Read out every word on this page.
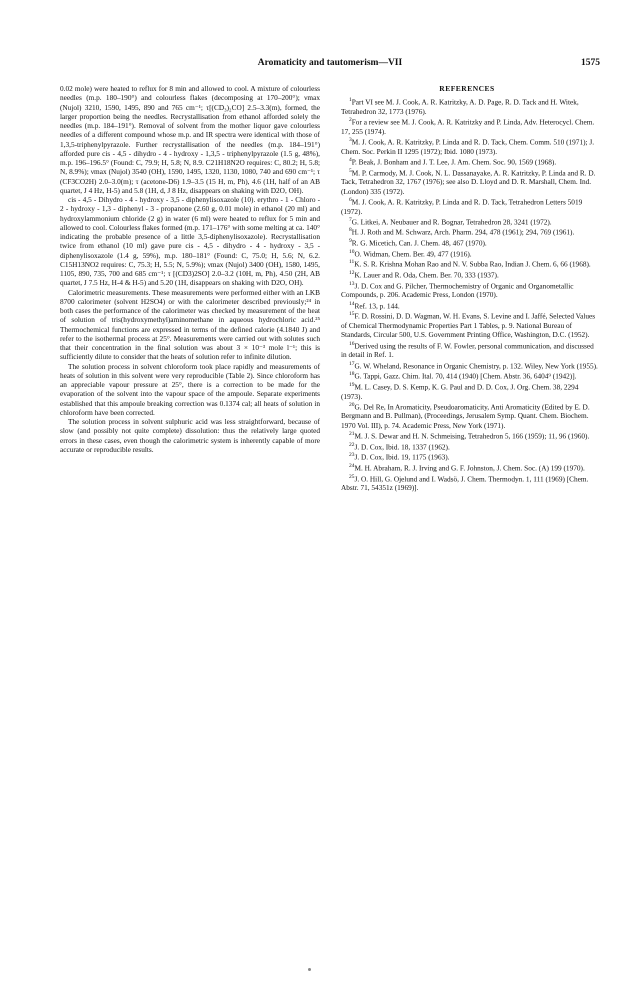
Aromaticity and tautomerism—VII	1575

0.02 mole) were heated to reflux for 8 min and allowed to cool. A mixture of colourless needles (m.p. 180–190°) and colourless flakes (decomposing at 170–200°); νmax (Nujol) 3210, 1590, 1495, 890 and 765 cm⁻¹; τ[(CD₃)₂CO] 2.5–3.3(m), formed, the larger proportion being the needles. Recrystallisation from ethanol afforded solely the needles (m.p. 184–191°). Removal of solvent from the mother liquor gave colourless needles of a different compound whose m.p. and IR spectra were identical with those of 1,3,5-triphenylpyrazole. Further recrystallisation of the needles (m.p. 184–191°) afforded pure cis - 4,5 - dihydro - 4 - hydroxy - 1,3,5 - triphenylpyrazole (1.5 g, 48%), m.p. 196–196.5° (Found: C, 79.9; H, 5.8; N, 8.9. C21H18N2O requires: C, 80.2; H, 5.8; N, 8.9%); νmax (Nujol) 3540 (OH), 1590, 1495, 1320, 1130, 1080, 740 and 690 cm⁻¹; τ (CF3CO2H) 2.0–3.0(m); τ (acetone-D6) 1.9–3.5 (15 H, m, Ph), 4.6 (1H, half of an AB quartet, J 4 Hz, H-5) and 5.8 (1H, d, J 8 Hz, disappears on shaking with D2O, OH).

cis - 4,5 - Dihydro - 4 - hydroxy - 3,5 - diphenylisoxazole (10). erythro - 1 - Chloro - 2 - hydroxy - 1,3 - diphenyl - 3 - propanone (2.60 g, 0.01 mole) in ethanol (20 ml) and hydroxylammonium chloride (2 g) in water (6 ml) were heated to reflux for 5 min and allowed to cool. Colourless flakes formed (m.p. 171–176° with some melting at ca. 140° indicating the probable presence of a little 3,5-diphenylisoxazole). Recrystallisation twice from ethanol (10 ml) gave pure cis - 4,5 - dihydro - 4 - hydroxy - 3,5 - diphenylisoxazole (1.4 g, 59%), m.p. 180–181° (Found: C, 75.0; H, 5.6; N, 6.2. C15H13NO2 requires: C, 75.3; H, 5.5; N, 5.9%); νmax (Nujol) 3400 (OH), 1580, 1495, 1105, 890, 735, 700 and 685 cm⁻¹; τ [(CD3)2SO] 2.0–3.2 (10H, m, Ph), 4.50 (2H, AB quartet, J 7.5 Hz, H-4 & H-5) and 5.20 (1H, disappears on shaking with D2O, OH).

Calorimetric measurements. These measurements were performed either with an LKB 8700 calorimeter (solvent H2SO4) or with the calorimeter described previously;²⁴ in both cases the performance of the calorimeter was checked by measurement of the heat of solution of tris(hydroxymethyl)aminomethane in aqueous hydrochloric acid.²⁵ Thermochemical functions are expressed in terms of the defined calorie (4.1840 J) and refer to the isothermal process at 25°. Measurements were carried out with solutes such that their concentration in the final solution was about 3 × 10⁻³ mole l⁻¹; this is sufficiently dilute to consider that the heats of solution refer to infinite dilution.

The solution process in solvent chloroform took place rapidly and measurements of heats of solution in this solvent were very reproducible (Table 2). Since chloroform has an appreciable vapour pressure at 25°, there is a correction to be made for the evaporation of the solvent into the vapour space of the ampoule. Separate experiments established that this ampoule breaking correction was 0.1374 cal; all heats of solution in chloroform have been corrected.

The solution process in solvent sulphuric acid was less straightforward, because of slow (and possibly not quite complete) dissolution: thus the relatively large quoted errors in these cases, even though the calorimetric system is inherently capable of more accurate or reproducible results.

REFERENCES

$^1$Part VI see M. J. Cook, A. R. Katritzky, A. D. Page, R. D. Tack and H. Witek, Tetrahedron 32, 1773 (1976).

$^2$For a review see M. J. Cook, A. R. Katritzky and P. Linda, Adv. Heterocycl. Chem. 17, 255 (1974).

$^3$M. J. Cook, A. R. Katritzky, P. Linda and R. D. Tack, Chem. Comm. 510 (1971); J. Chem. Soc. Perkin II 1295 (1972); Ibid. 1080 (1973).

$^4$P. Beak, J. Bonham and J. T. Lee, J. Am. Chem. Soc. 90, 1569 (1968).

$^5$M. P. Carmody, M. J. Cook, N. L. Dassanayake, A. R. Katritzky, P. Linda and R. D. Tack, Tetrahedron 32, 1767 (1976); see also D. Lloyd and D. R. Marshall, Chem. Ind. (London) 335 (1972).

$^6$M. J. Cook, A. R. Katritzky, P. Linda and R. D. Tack, Tetrahedron Letters 5019 (1972).

$^7$G. Litkei, A. Neubauer and R. Bognar, Tetrahedron 28, 3241 (1972).

$^8$H. J. Roth and M. Schwarz, Arch. Pharm. 294, 478 (1961); 294, 769 (1961).

$^9$R. G. Micetich, Can. J. Chem. 48, 467 (1970).

$^{10}$O. Widman, Chem. Ber. 49, 477 (1916).

$^{11}$K. S. R. Krishna Mohan Rao and N. V. Subba Rao, Indian J. Chem. 6, 66 (1968).

$^{12}$K. Lauer and R. Oda, Chem. Ber. 70, 333 (1937).

$^{13}$J. D. Cox and G. Pilcher, Thermochemistry of Organic and Organometallic Compounds, p. 206. Academic Press, London (1970).

$^{14}$Ref. 13, p. 144.

$^{15}$F. D. Rossini, D. D. Wagman, W. H. Evans, S. Levine and I. Jaffé, Selected Values of Chemical Thermodynamic Properties Part 1 Tables, p. 9. National Bureau of Standards, Circular 500, U.S. Government Printing Office, Washington, D.C. (1952).

$^{16}$Derived using the results of F. W. Fowler, personal communication, and discussed in detail in Ref. 1.

$^{17}$G. W. Wheland, Resonance in Organic Chemistry, p. 132. Wiley, New York (1955).

$^{18}$G. Tappi, Gazz. Chim. Ital. 70, 414 (1940) [Chem. Abstr. 36, 6404⁹ (1942)].

$^{19}$M. L. Casey, D. S. Kemp, K. G. Paul and D. D. Cox, J. Org. Chem. 38, 2294 (1973).

$^{20}$G. Del Re, In Aromaticity, Pseudoaromaticity, Anti Aromaticity (Edited by E. D. Bergmann and B. Pullman), (Proceedings, Jerusalem Symp. Quant. Chem. Biochem. 1970 Vol. III), p. 74. Academic Press, New York (1971).

$^{21}$M. J. S. Dewar and H. N. Schmeising, Tetrahedron 5, 166 (1959); 11, 96 (1960).

$^{22}$J. D. Cox, Ibid. 18, 1337 (1962).

$^{23}$J. D. Cox, Ibid. 19, 1175 (1963).

$^{24}$M. H. Abraham, R. J. Irving and G. F. Johnston, J. Chem. Soc. (A) 199 (1970).

$^{25}$J. O. Hill, G. Ojelund and I. Wadsö, J. Chem. Thermodyn. 1, 111 (1969) [Chem. Abstr. 71, 54351z (1969)].
